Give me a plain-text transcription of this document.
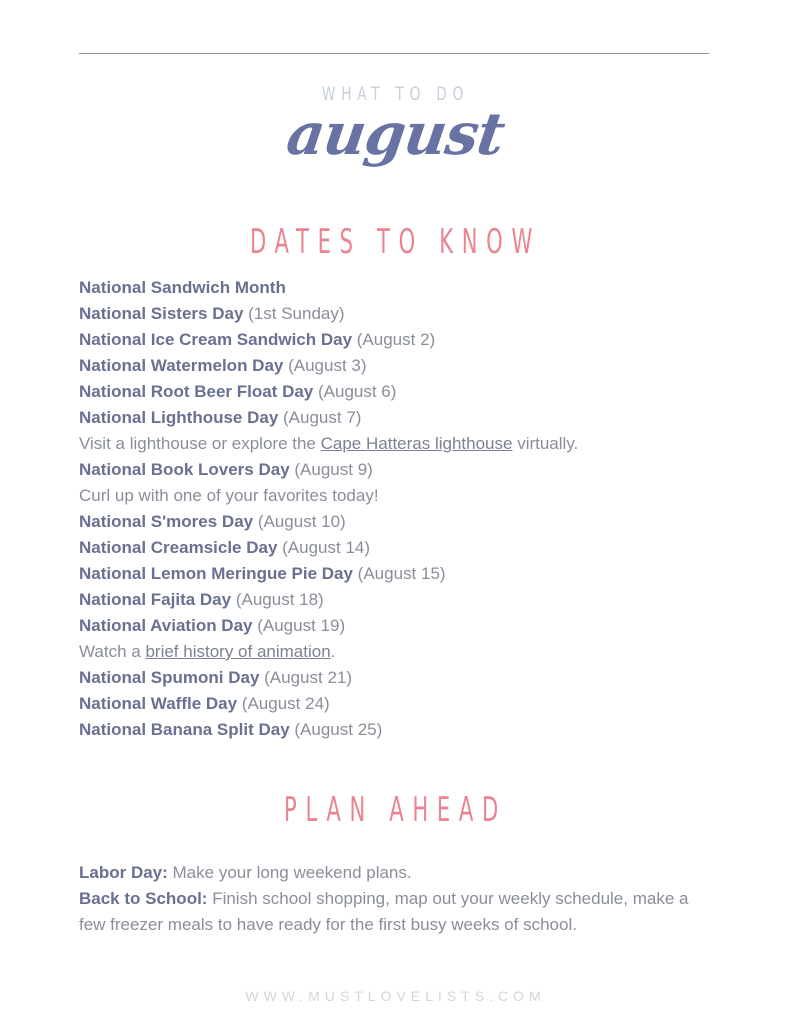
WHAT TO DO
august
DATES TO KNOW
National Sandwich Month
National Sisters Day (1st Sunday)
National Ice Cream Sandwich Day (August 2)
National Watermelon Day (August 3)
National Root Beer Float Day (August 6)
National Lighthouse Day (August 7)
Visit a lighthouse or explore the Cape Hatteras lighthouse virtually.
National Book Lovers Day (August 9)
Curl up with one of your favorites today!
National S'mores Day (August 10)
National Creamsicle Day (August 14)
National Lemon Meringue Pie Day (August 15)
National Fajita Day (August 18)
National Aviation Day (August 19)
Watch a brief history of animation.
National Spumoni Day (August 21)
National Waffle Day (August 24)
National Banana Split Day (August 25)
PLAN AHEAD

Labor Day: Make your long weekend plans.

Back to School: Finish school shopping, map out your weekly schedule, make a few freezer meals to have ready for the first busy weeks of school.

WWW.MUSTLOVELISTS.COM
